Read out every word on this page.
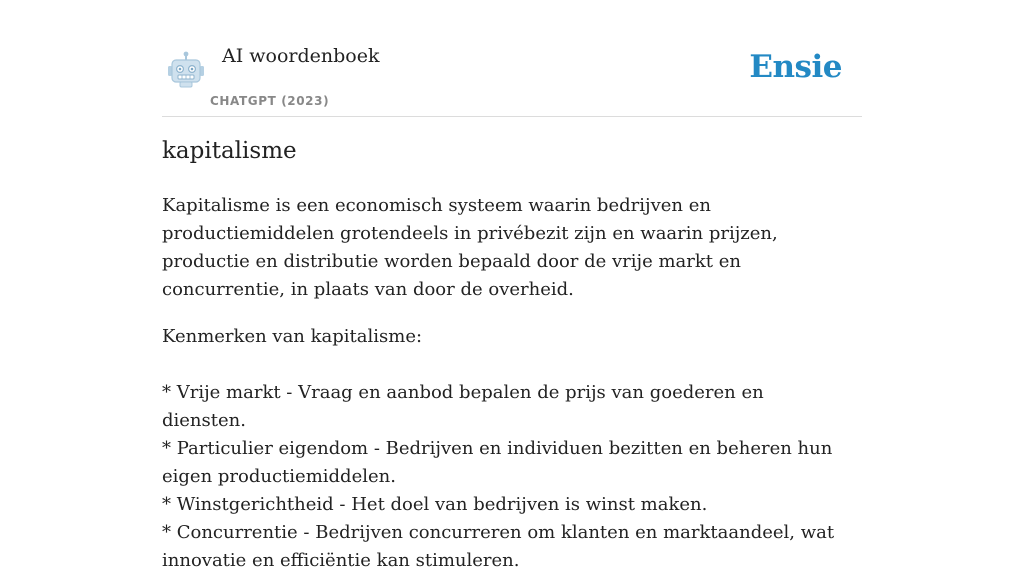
AI woordenboek
CHATGPT (2023)
Ensie
kapitalisme

Kapitalisme is een economisch systeem waarin bedrijven en productiemiddelen grotendeels in privébezit zijn en waarin prijzen, productie en distributie worden bepaald door de vrije markt en concurrentie, in plaats van door de overheid.

Kenmerken van kapitalisme:

* Vrije markt - Vraag en aanbod bepalen de prijs van goederen en diensten.

* Particulier eigendom - Bedrijven en individuen bezitten en beheren hun eigen productiemiddelen.

* Winstgerichtheid - Het doel van bedrijven is winst maken.

* Concurrentie - Bedrijven concurreren om klanten en marktaandeel, wat innovatie en efficiëntie kan stimuleren.
